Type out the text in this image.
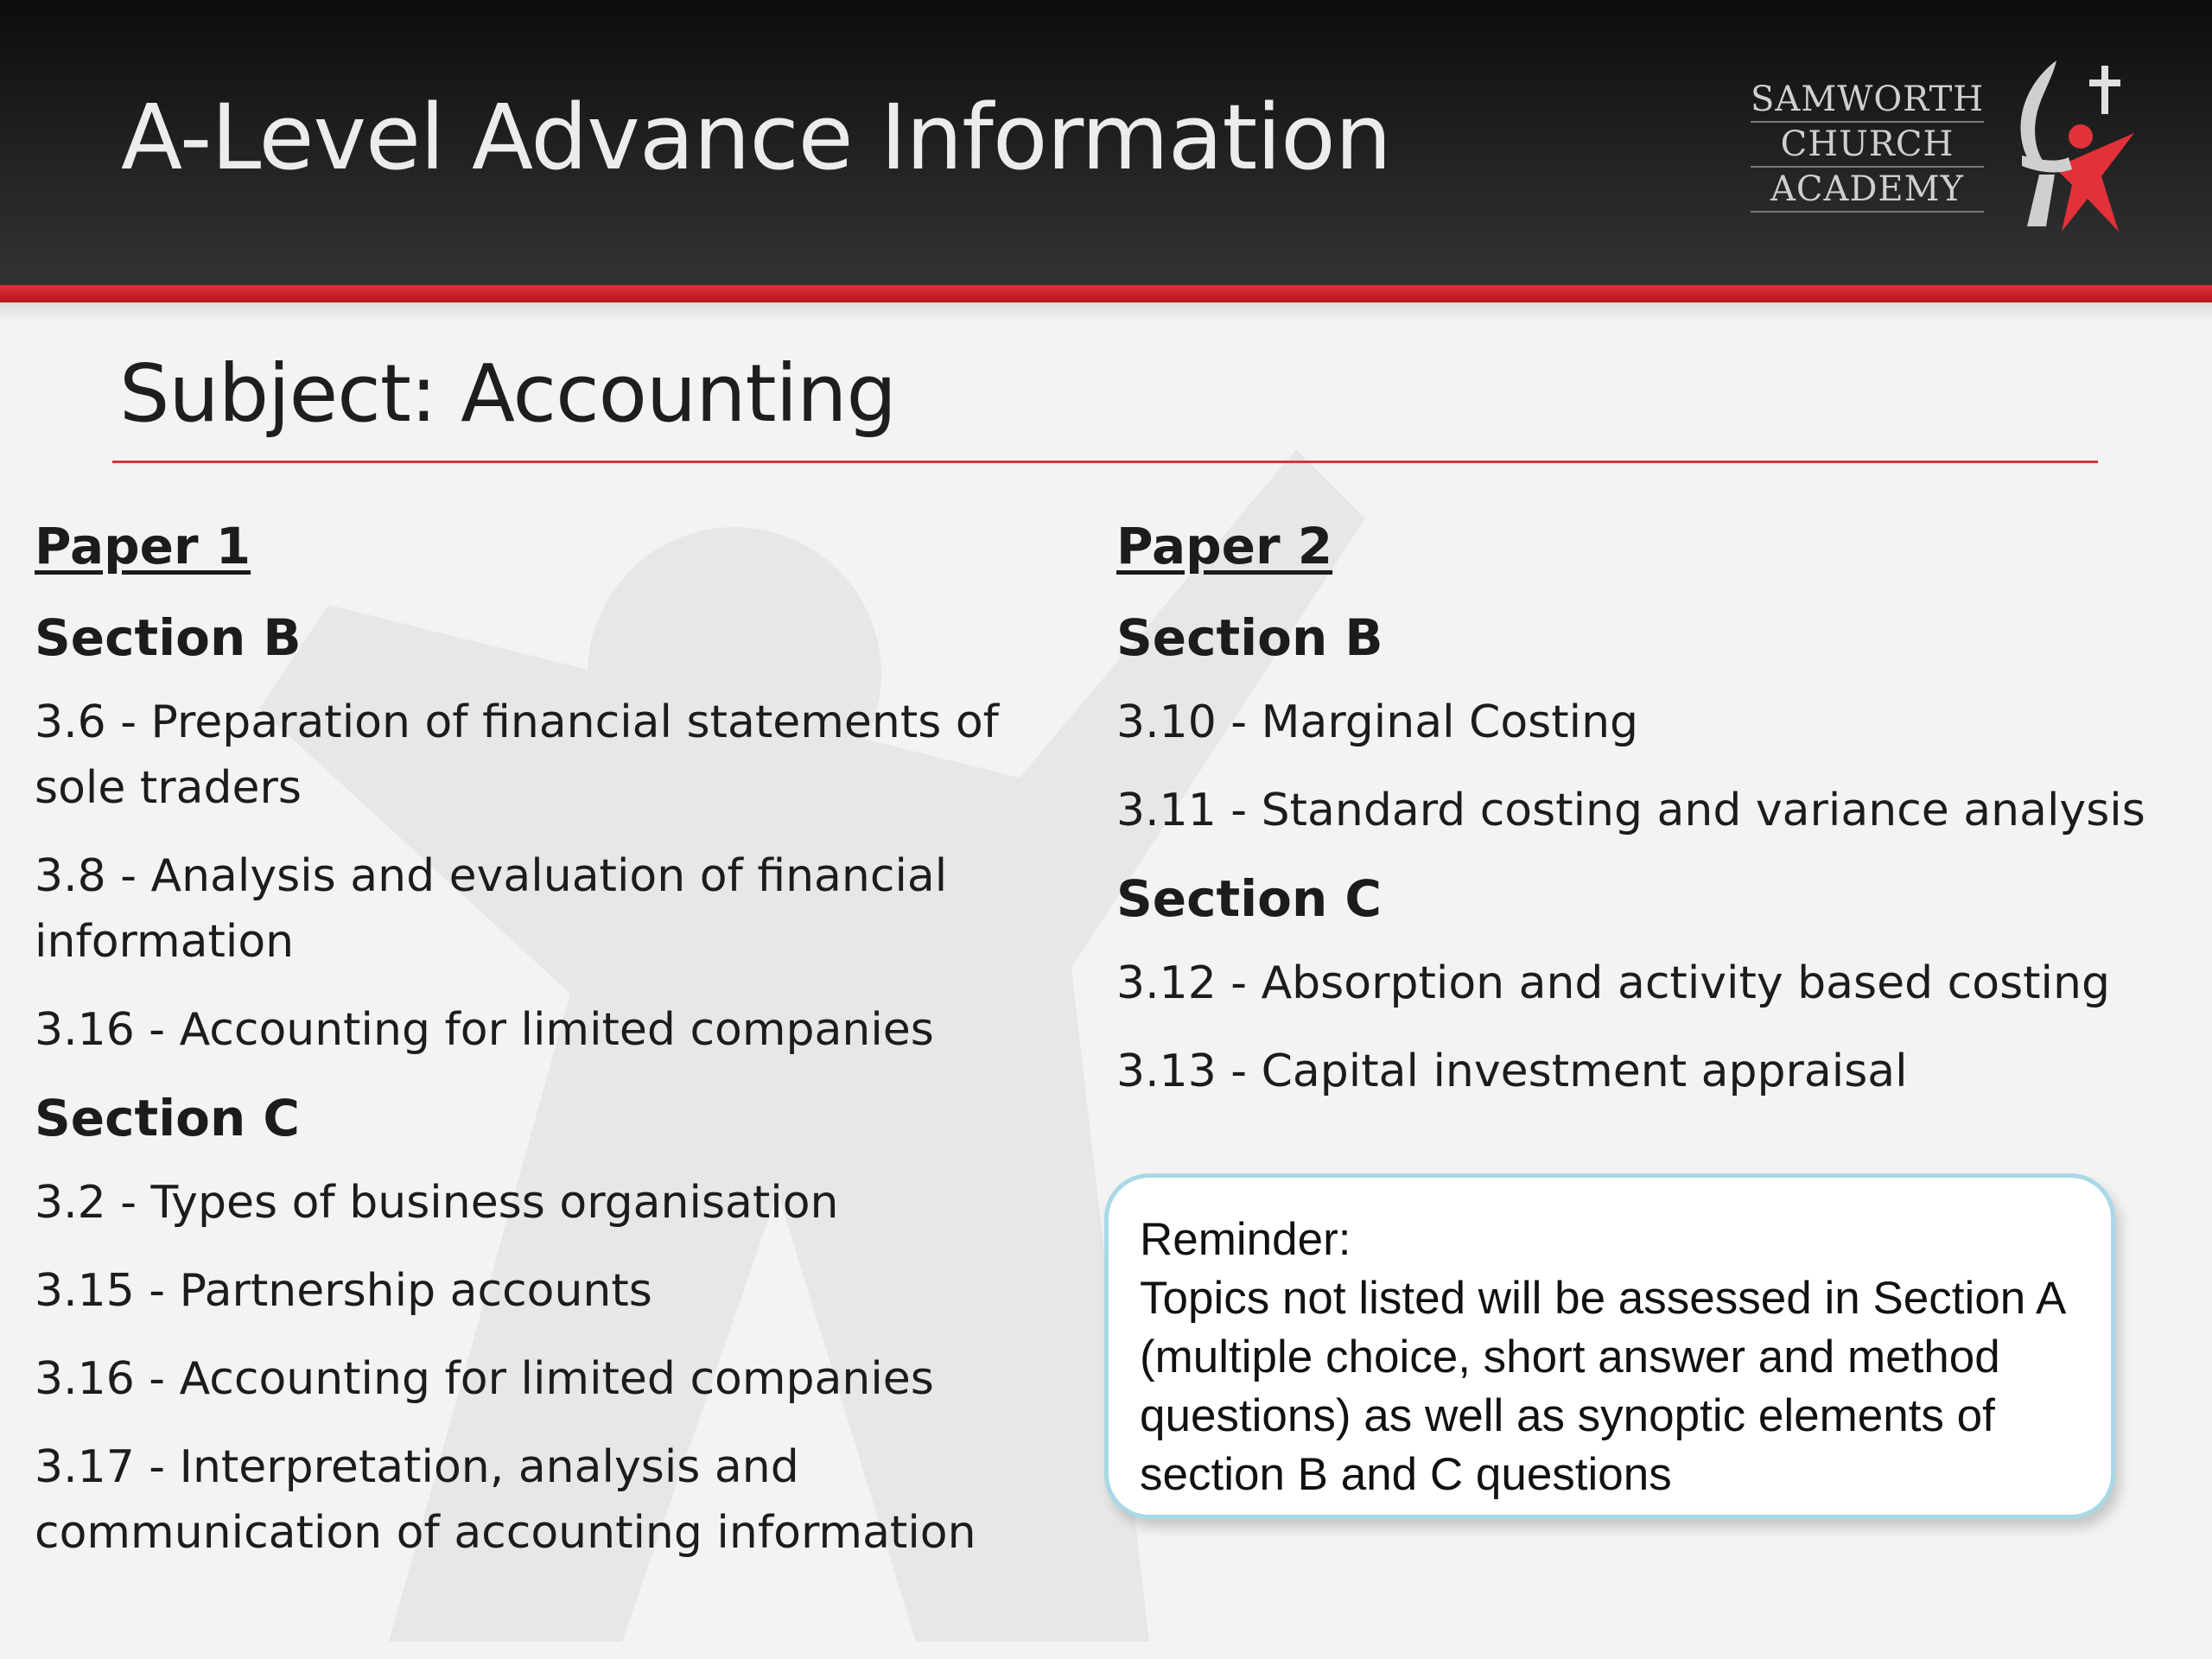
A-Level Advance Information	SAMWORTH
CHURCH
ACADEMY
Subject: Accounting
Paper 1
Section B
3.6 - Preparation of financial statements of sole traders
3.8 - Analysis and evaluation of financial information
3.16 - Accounting for limited companies
Section C
3.2 - Types of business organisation
3.15 - Partnership accounts
3.16 - Accounting for limited companies
3.17 - Interpretation, analysis and communication of accounting information
Paper 2
Section B
3.10 - Marginal Costing
3.11 - Standard costing and variance analysis
Section C
3.12 - Absorption and activity based costing
3.13 - Capital investment appraisal
Reminder:
Topics not listed will be assessed in Section A (multiple choice, short answer and method questions) as well as synoptic elements of section B and C questions
